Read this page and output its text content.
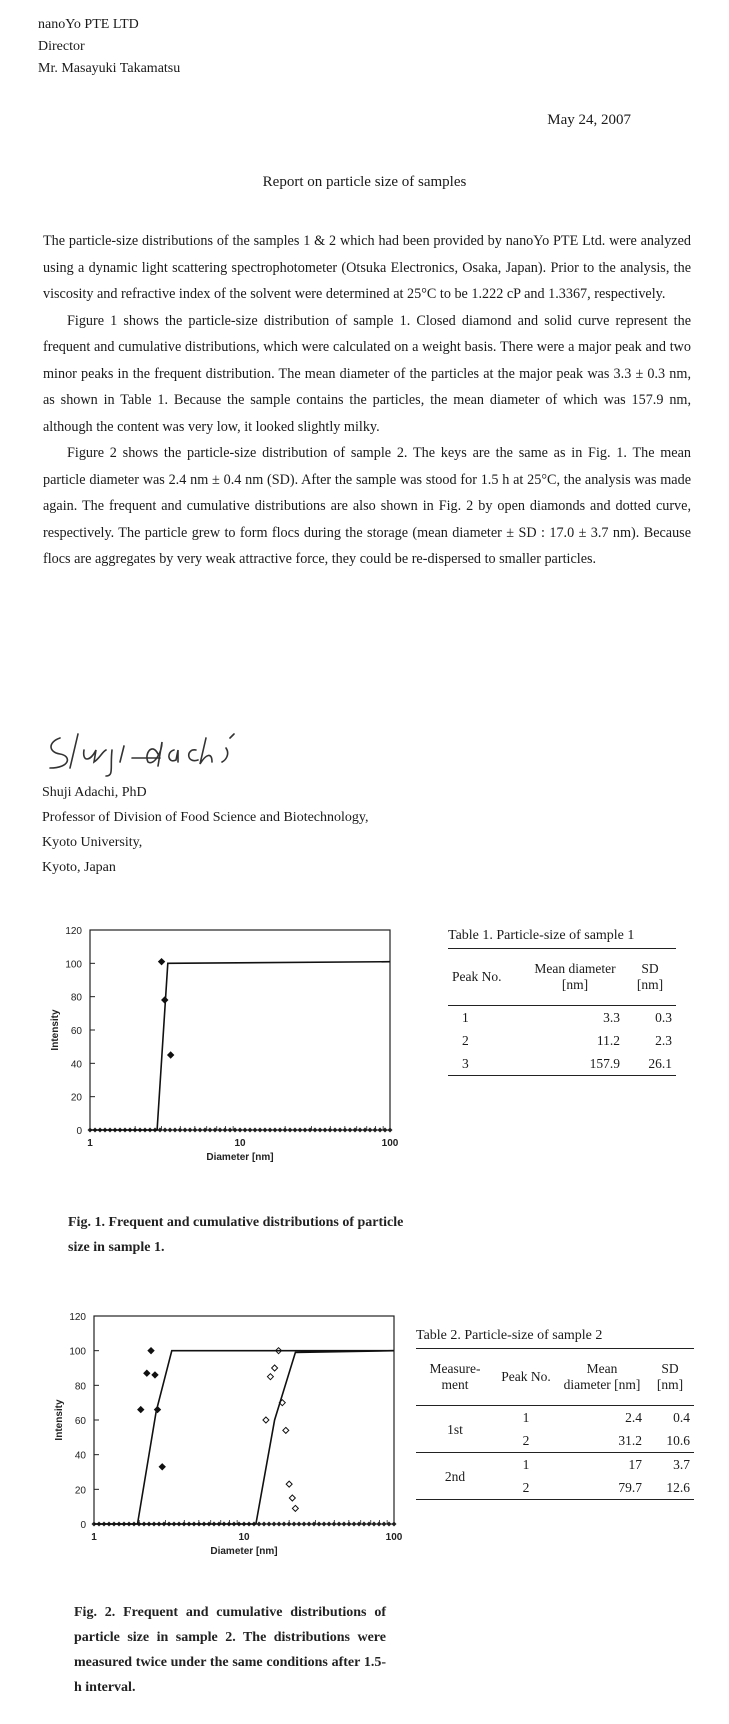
nanoYo PTE LTD
Director
Mr. Masayuki Takamatsu
May 24, 2007
Report on particle size of samples

The particle-size distributions of the samples 1 & 2 which had been provided by nanoYo PTE Ltd. were analyzed using a dynamic light scattering spectrophotometer (Otsuka Electronics, Osaka, Japan). Prior to the analysis, the viscosity and refractive index of the solvent were determined at 25°C to be 1.222 cP and 1.3367, respectively.

Figure 1 shows the particle-size distribution of sample 1. Closed diamond and solid curve represent the frequent and cumulative distributions, which were calculated on a weight basis. There were a major peak and two minor peaks in the frequent distribution. The mean diameter of the particles at the major peak was 3.3 ± 0.3 nm, as shown in Table 1. Because the sample contains the particles, the mean diameter of which was 157.9 nm, although the content was very low, it looked slightly milky.

Figure 2 shows the particle-size distribution of sample 2. The keys are the same as in Fig. 1. The mean particle diameter was 2.4 nm ± 0.4 nm (SD). After the sample was stood for 1.5 h at 25°C, the analysis was made again. The frequent and cumulative distributions are also shown in Fig. 2 by open diamonds and dotted curve, respectively. The particle grew to form flocs during the storage (mean diameter ± SD : 17.0 ± 3.7 nm). Because flocs are aggregates by very weak attractive force, they could be re-dispersed to smaller particles.

Shuji Adachi, PhD
Professor of Division of Food Science and Biotechnology,
Kyoto University,
Kyoto, Japan
0
20
40
60
80
100
120
1	10	100
Diameter [nm]
Intensity
Table 1. Particle-size of sample 1
Peak No.	Mean diameter [nm]	SD [nm]
1	3.3	0.3
2	11.2	2.3
3	157.9	26.1
Fig. 1. Frequent and cumulative distributions of particle size in sample 1.
0
20
40
60
80
100
120
1	10	100
Diameter [nm]
Intensity
Table 2. Particle-size of sample 2
Measure-ment	Peak No.	Mean diameter [nm]	SD [nm]
1st	1	2.4	0.4
	2	31.2	10.6
2nd	1	17	3.7
	2	79.7	12.6
Fig. 2. Frequent and cumulative distributions of particle size in sample 2. The distributions were measured twice under the same conditions after 1.5-h interval.
